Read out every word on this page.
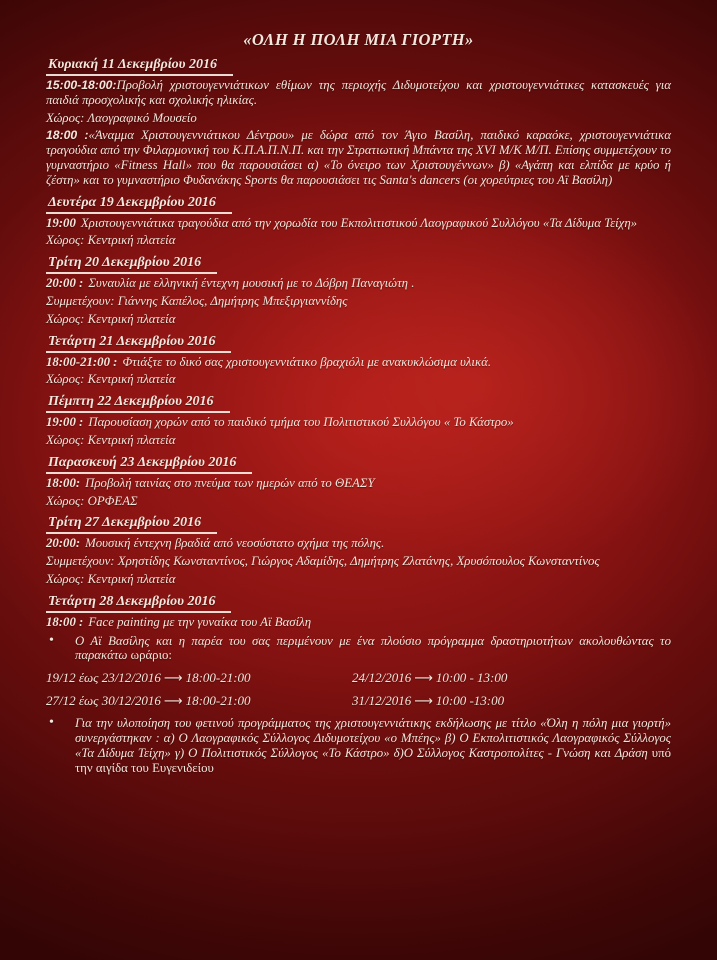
«ΟΛΗ Η ΠΟΛΗ ΜΙΑ ΓΙΟΡΤΗ»
Κυριακή 11 Δεκεμβρίου 2016

15:00-18:00:Προβολή χριστουγεννιάτικων εθίμων της περιοχής Διδυμοτείχου και χριστουγεννιάτικες κατασκευές για παιδιά προσχολικής και σχολικής ηλικίας.

Χώρος: Λαογραφικό Μουσείο

18:00 :«Άναμμα Χριστουγεννιάτικου Δέντρου» με δώρα από τον Άγιο Βασίλη, παιδικό καραόκε, χριστουγεννιάτικα τραγούδια από την Φιλαρμονική του Κ.Π.Α.Π.Ν.Π. και την Στρατιωτική Μπάντα της XVI Μ/Κ Μ/Π. Επίσης συμμετέχουν το γυμναστήριο «Fitness Hall» που θα παρουσιάσει α) «Το όνειρο των Χριστουγέννων» β) «Αγάπη και ελπίδα με κρύο ή ζέστη» και το γυμναστήριο Φυδανάκης Sports θα παρουσιάσει τις Santa's dancers (οι χορεύτριες του Αϊ Βασίλη)

Δευτέρα 19 Δεκεμβρίου 2016

19:00 Χριστουγεννιάτικα τραγούδια από την χορωδία του Εκπολιτιστικού Λαογραφικού Συλλόγου «Τα Δίδυμα Τείχη»

Χώρος: Κεντρική πλατεία

Τρίτη 20 Δεκεμβρίου 2016

20:00 : Συναυλία με ελληνική έντεχνη μουσική με το Δόβρη Παναγιώτη .

Συμμετέχουν: Γιάννης Καπέλος, Δημήτρης Μπεξιργιαννίδης

Χώρος: Κεντρική πλατεία

Τετάρτη 21 Δεκεμβρίου 2016

18:00-21:00 : Φτιάξτε το δικό σας χριστουγεννιάτικο βραχιόλι με ανακυκλώσιμα υλικά.

Χώρος: Κεντρική πλατεία

Πέμπτη 22 Δεκεμβρίου 2016

19:00 : Παρουσίαση χορών από το παιδικό τμήμα του Πολιτιστικού Συλλόγου « Το Κάστρο»

Χώρος: Κεντρική πλατεία

Παρασκευή 23 Δεκεμβρίου 2016

18:00: Προβολή ταινίας στο πνεύμα των ημερών από το ΘΕΑΣΥ

Χώρος: ΟΡΦΕΑΣ

Τρίτη 27 Δεκεμβρίου 2016

20:00: Μουσική έντεχνη βραδιά από νεοσύστατο σχήμα της πόλης.

Συμμετέχουν: Χρηστίδης Κωνσταντίνος, Γιώργος Αδαμίδης, Δημήτρης Ζλατάνης, Χρυσόπουλος Κωνσταντίνος

Χώρος: Κεντρική πλατεία

Τετάρτη 28 Δεκεμβρίου 2016

18:00 : Face painting με την γυναίκα του Αϊ Βασίλη

•	Ο Αϊ Βασίλης και η παρέα του σας περιμένουν με ένα πλούσιο πρόγραμμα δραστηριοτήτων ακολουθώντας το παρακάτω ωράριο:
19/12 έως 23/12/2016 ⟶ 18:00-21:00	24/12/2016 ⟶ 10:00 - 13:00
27/12 έως 30/12/2016 ⟶ 18:00-21:00	31/12/2016 ⟶ 10:00 -13:00
•	Για την υλοποίηση του φετινού προγράμματος της χριστουγεννιάτικης εκδήλωσης με τίτλο «Όλη η πόλη μια γιορτή» συνεργάστηκαν : α) Ο Λαογραφικός Σύλλογος Διδυμοτείχου «ο Μπέης» β) Ο Εκπολιτιστικός Λαογραφικός Σύλλογος «Τα Δίδυμα Τείχη» γ) Ο Πολιτιστικός Σύλλογος «Το Κάστρο» δ)Ο Σύλλογος Καστροπολίτες - Γνώση και Δράση υπό την αιγίδα του Ευγενιδείου
